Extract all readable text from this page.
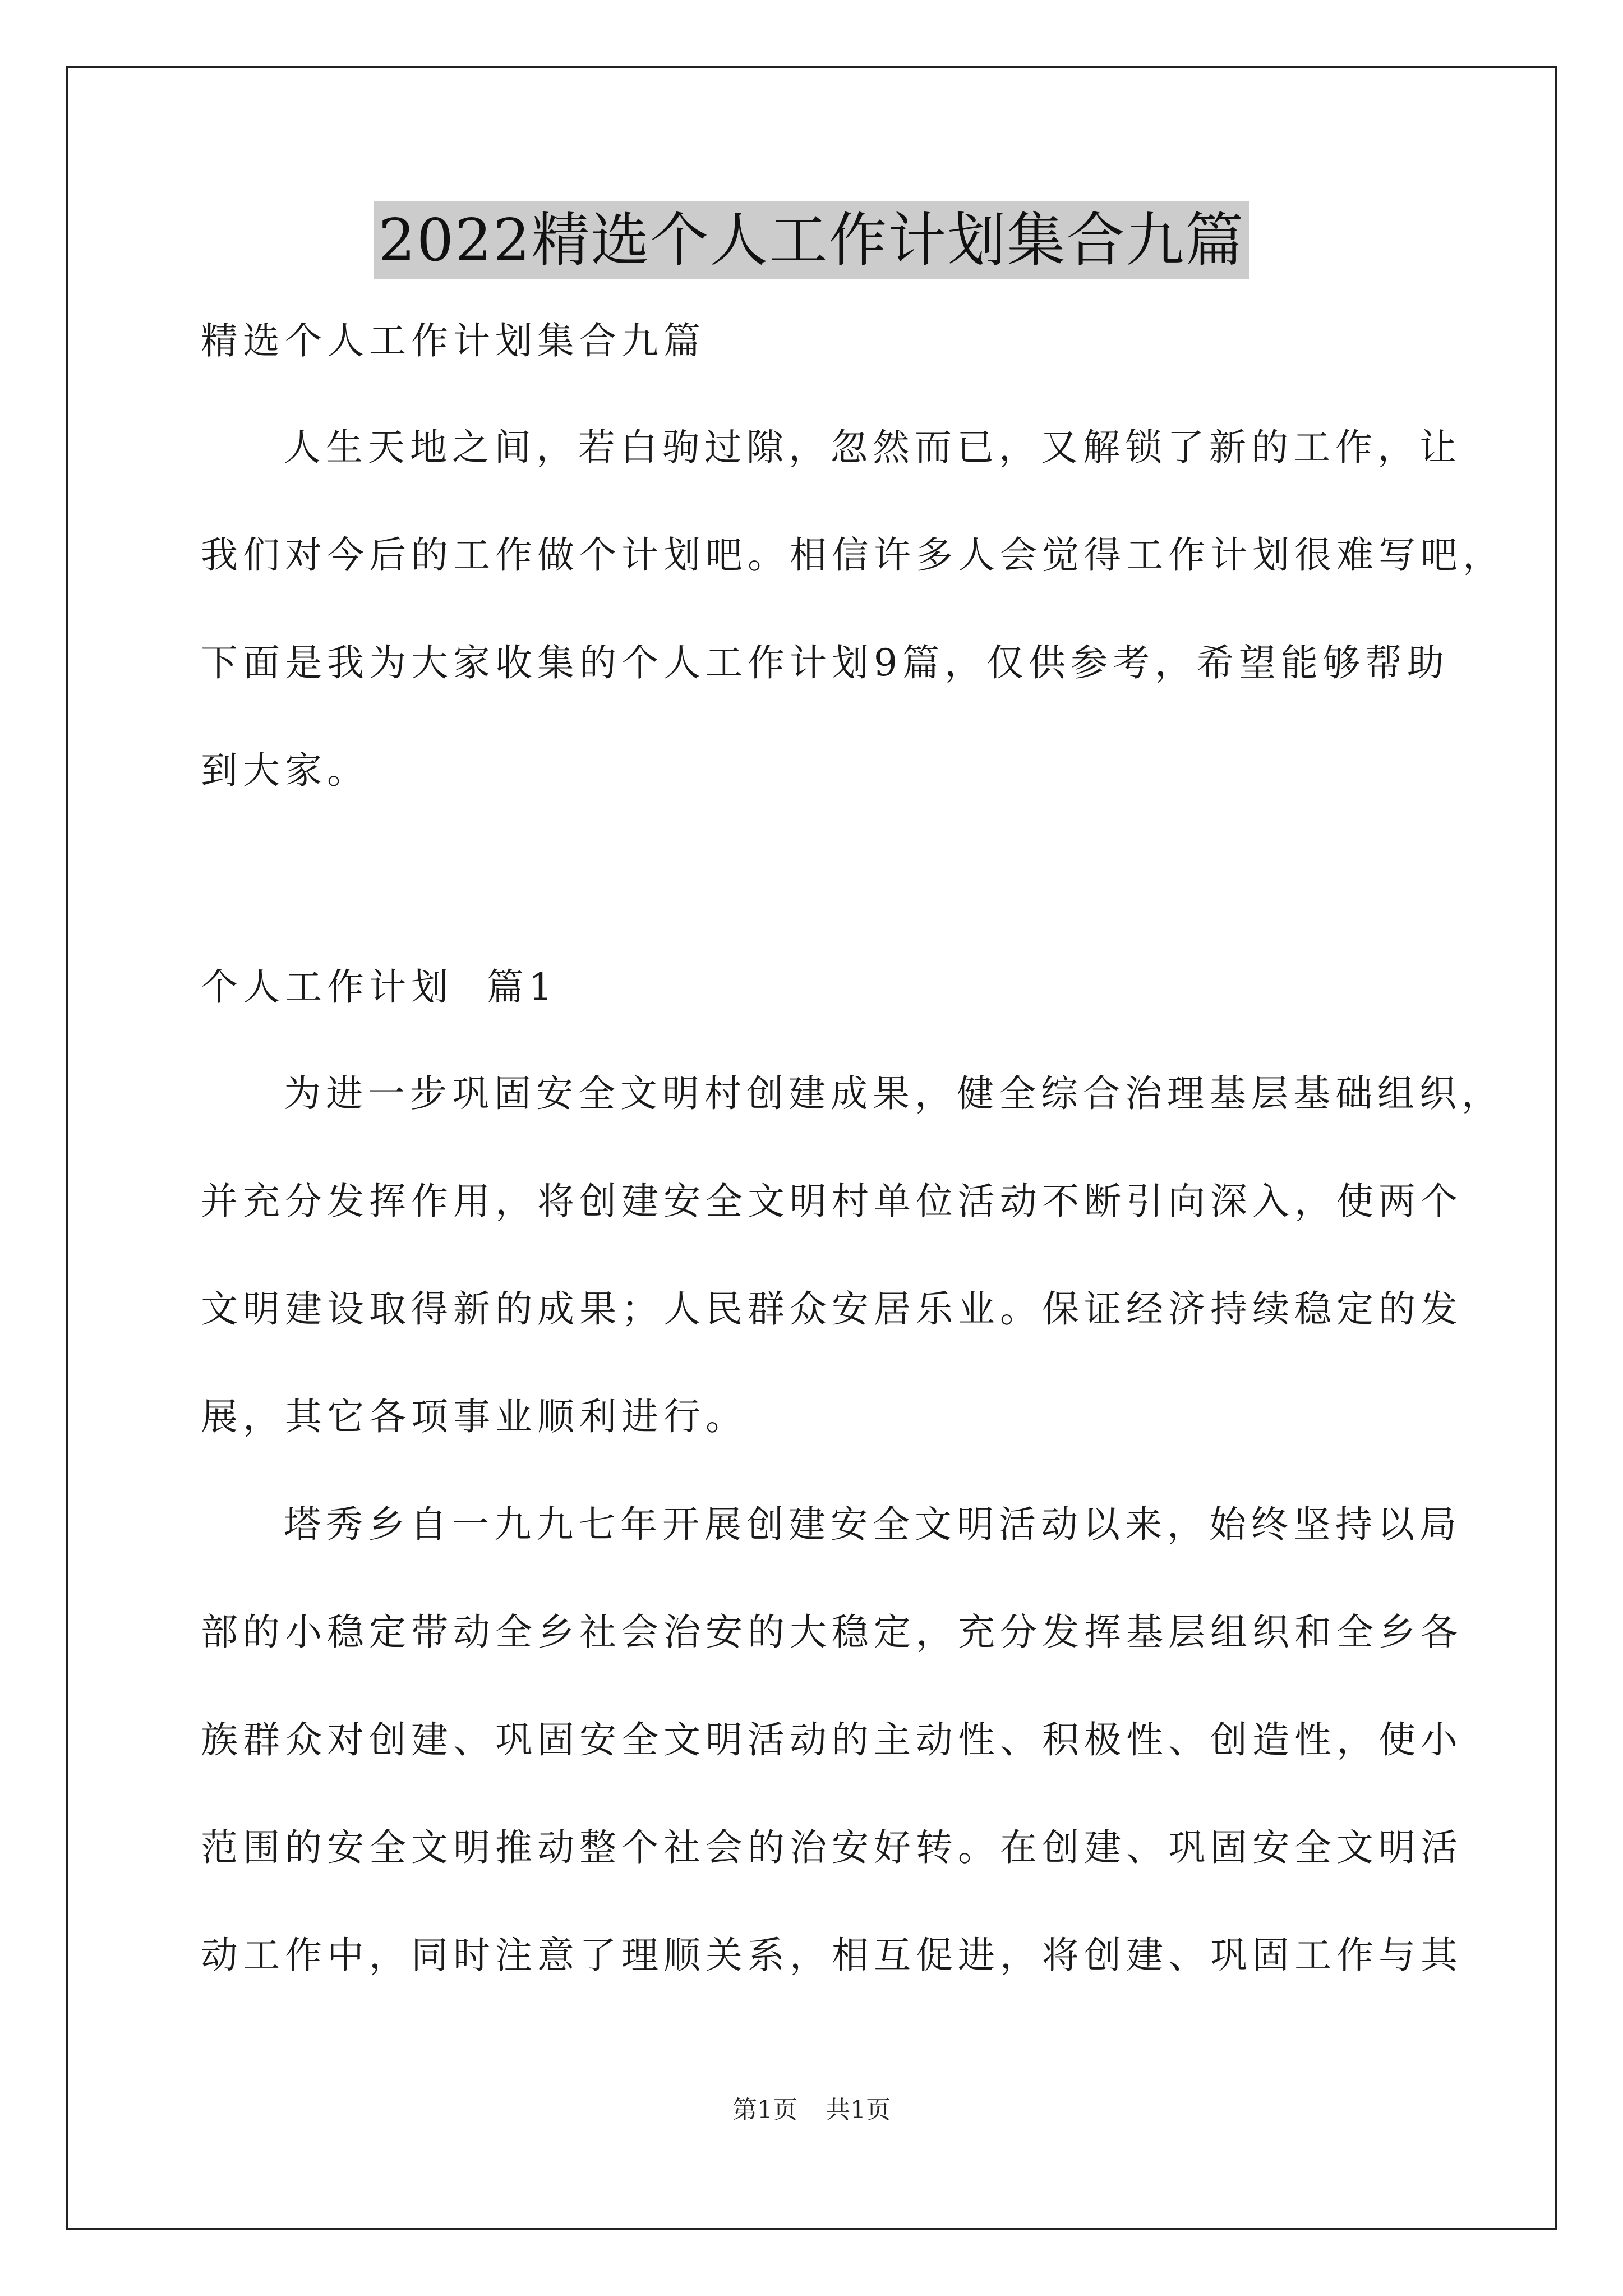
2022精选个人工作计划集合九篇
精选个人工作计划集合九篇
人生天地之间，若白驹过隙，忽然而已，又解锁了新的工作，让
我们对今后的工作做个计划吧。相信许多人会觉得工作计划很难写吧，
下面是我为大家收集的个人工作计划9篇，仅供参考，希望能够帮助
到大家。
个人工作计划  篇1
为进一步巩固安全文明村创建成果，健全综合治理基层基础组织，
并充分发挥作用，将创建安全文明村单位活动不断引向深入，使两个
文明建设取得新的成果；人民群众安居乐业。保证经济持续稳定的发
展，其它各项事业顺利进行。
塔秀乡自一九九七年开展创建安全文明活动以来，始终坚持以局
部的小稳定带动全乡社会治安的大稳定，充分发挥基层组织和全乡各
族群众对创建、巩固安全文明活动的主动性、积极性、创造性，使小
范围的安全文明推动整个社会的治安好转。在创建、巩固安全文明活
动工作中，同时注意了理顺关系，相互促进，将创建、巩固工作与其
第1页 共1页
